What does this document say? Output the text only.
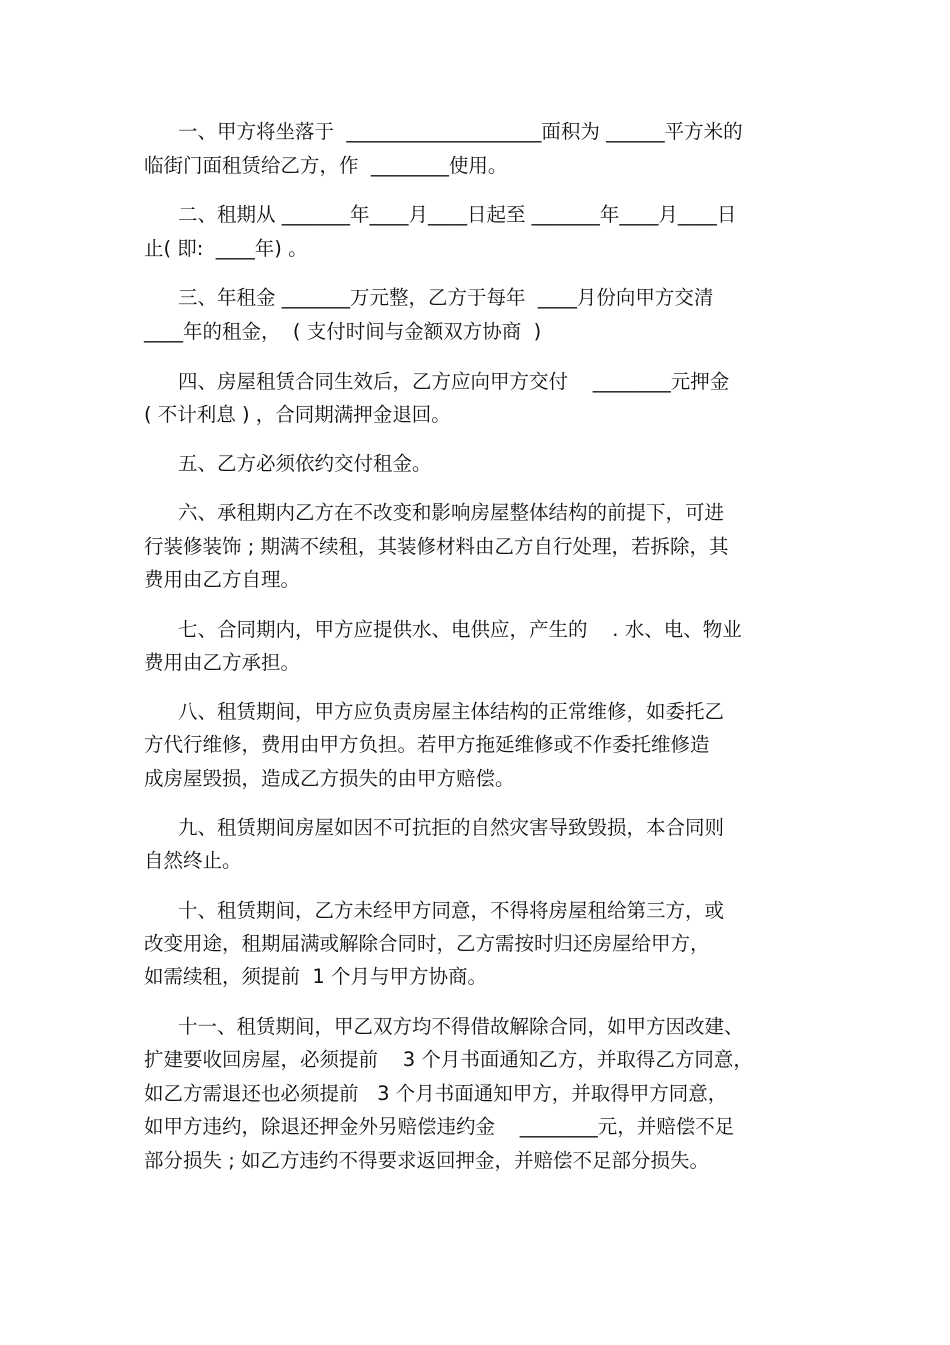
一、甲方将坐落于  ____________________面积为 ______平方米的
临街门面租赁给乙方，作  ________使用。
二、租期从 _______年____月____日起至 _______年____月____日
止( 即:  ____年) 。
三、年租金 _______万元整，乙方于每年  ____月份向甲方交清
____年的租金，  ( 支付时间与金额双方协商  )
四、房屋租赁合同生效后，乙方应向甲方交付    ________元押金
( 不计利息 ) ，合同期满押金退回。
五、乙方必须依约交付租金。
六、承租期内乙方在不改变和影响房屋整体结构的前提下，可进
行装修装饰 ; 期满不续租，其装修材料由乙方自行处理，若拆除，其
费用由乙方自理。
七、合同期内，甲方应提供水、电供应，产生的    . 水、电、物业
费用由乙方承担。
八、租赁期间，甲方应负责房屋主体结构的正常维修，如委托乙
方代行维修，费用由甲方负担。若甲方拖延维修或不作委托维修造
成房屋毁损，造成乙方损失的由甲方赔偿。
九、租赁期间房屋如因不可抗拒的自然灾害导致毁损，本合同则
自然终止。
十、租赁期间，乙方未经甲方同意，不得将房屋租给第三方，或
改变用途，租期届满或解除合同时，乙方需按时归还房屋给甲方，
如需续租，须提前  1 个月与甲方协商。
十一、租赁期间，甲乙双方均不得借故解除合同，如甲方因改建、
扩建要收回房屋，必须提前    3 个月书面通知乙方，并取得乙方同意，
如乙方需退还也必须提前   3 个月书面通知甲方，并取得甲方同意，
如甲方违约，除退还押金外另赔偿违约金    ________元，并赔偿不足
部分损失 ; 如乙方违约不得要求返回押金，并赔偿不足部分损失。
